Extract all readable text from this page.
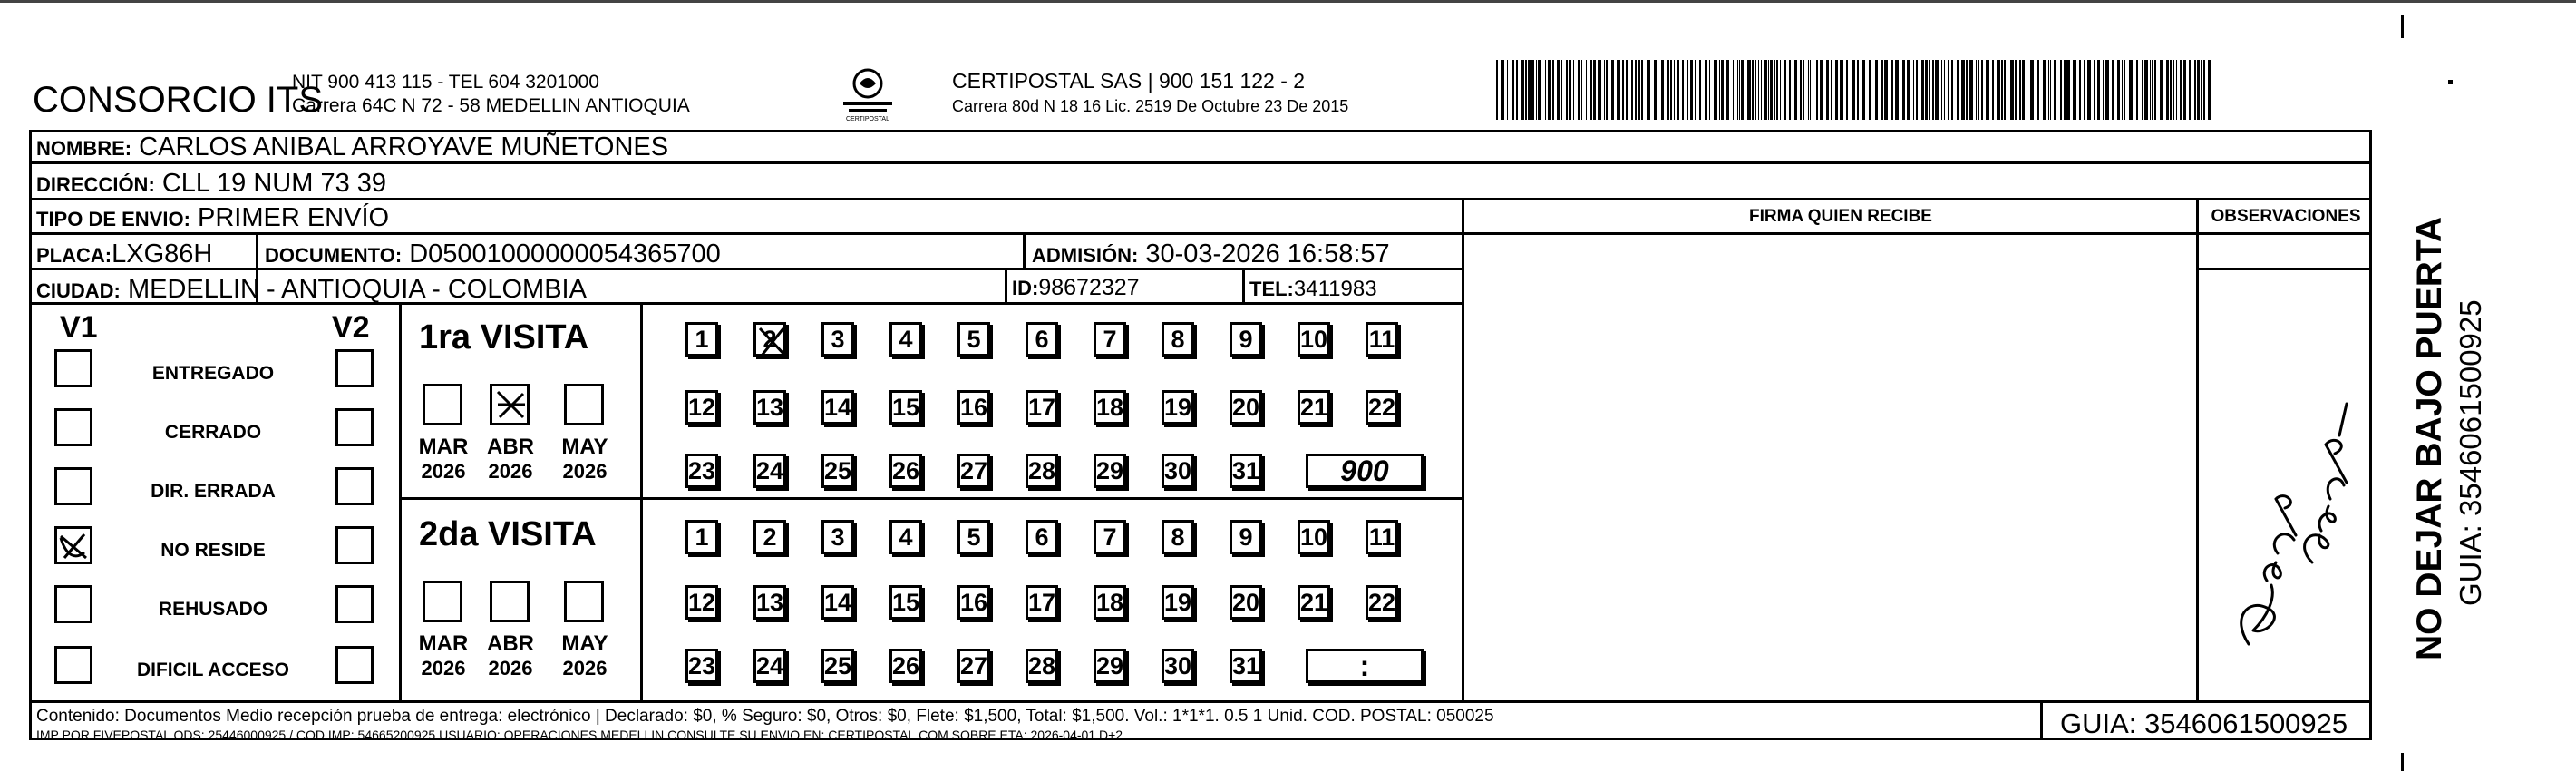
CONSORCIO ITS
NIT 900 413 115 - TEL 604 3201000
Carrera 64C N 72 - 58 MEDELLIN ANTIOQUIA
CERTIPOSTAL
CERTIPOSTAL SAS | 900 151 122 - 2
Carrera 80d N 18 16 Lic. 2519 De Octubre 23 De 2015
NOMBRE: CARLOS ANIBAL ARROYAVE MUÑETONES
DIRECCIÓN: CLL 19 NUM 73 39
TIPO DE ENVIO: PRIMER ENVÍO	FIRMA QUIEN RECIBE	OBSERVACIONES
PLACA:LXG86H	DOCUMENTO: D05001000000054365700	ADMISIÓN: 30-03-2026 16:58:57
CIUDAD: MEDELLIN - ANTIOQUIA - COLOMBIA	ID:98672327	TEL:3411983
V1	V2
ENTREGADO
CERRADO
DIR. ERRADA
NO RESIDE
REHUSADO
DIFICIL ACCESO
1ra VISITA
MAR
2026
ABR
2026
MAY
2026
1 2 3 4 5 6 7 8 9 10 11
12 13 14 15 16 17 18 19 20 21 22
23 24 25 26 27 28 29 30 31	900
2da VISITA
MAR
2026
ABR
2026
MAY
2026
1 2 3 4 5 6 7 8 9 10 11
12 13 14 15 16 17 18 19 20 21 22
23 24 25 26 27 28 29 30 31	:
Contenido: Documentos Medio recepción prueba de entrega: electrónico | Declarado: $0, % Seguro: $0, Otros: $0, Flete: $1,500, Total: $1,500. Vol.: 1*1*1. 0.5 1 Unid. COD. POSTAL: 050025
IMP POR FIVEPOSTAL ODS: 25446000925 / COD.IMP: 54665200925 USUARIO: OPERACIONES MEDELLIN CONSULTE SU ENVIO EN: CERTIPOSTAL.COM SOBRE ETA: 2026-04-01 D+2	GUIA: 3546061500925
NO DEJAR BAJO PUERTA GUIA: 3546061500925
